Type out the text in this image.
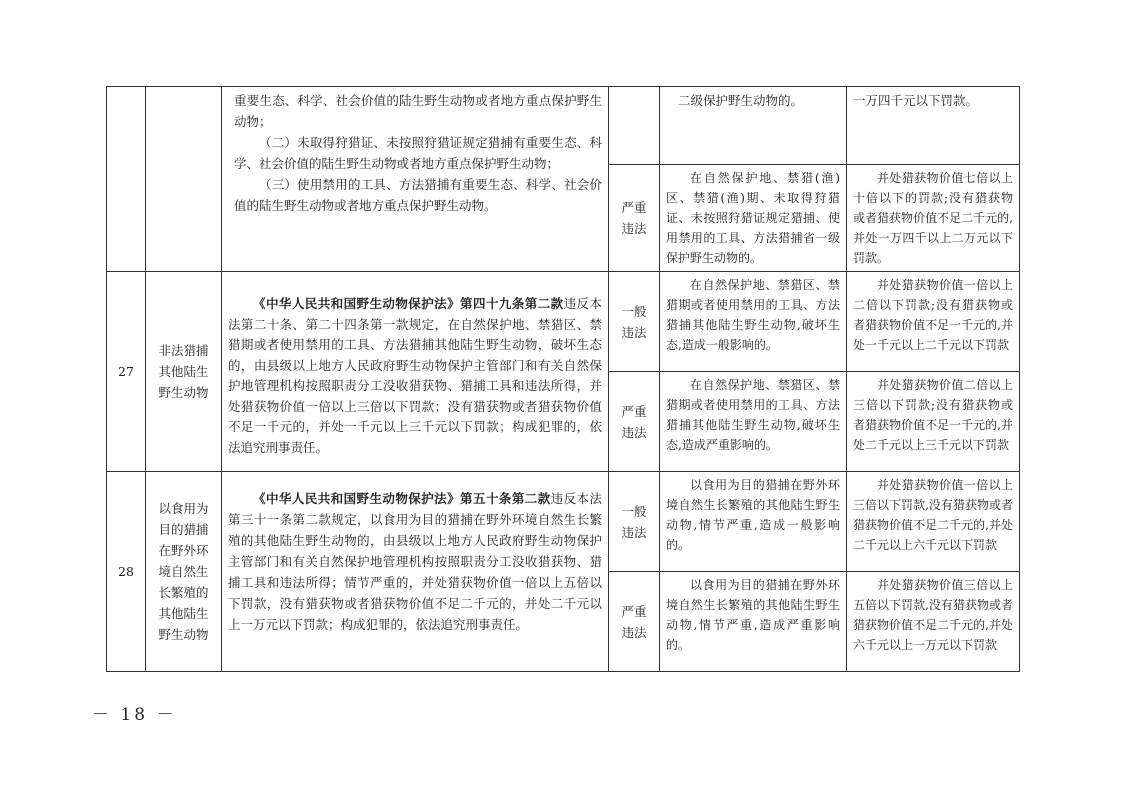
		重要生态、科学、社会价值的陆生野生动物或者地方重点保护野生动物；
（二）未取得狩猎证、未按照狩猎证规定猎捕有重要生态、科学、社会价值的陆生野生动物或者地方重点保护野生动物；
（三）使用禁用的工具、方法猎捕有重要生态、科学、社会价值的陆生野生动物或者地方重点保护野生动物。		二级保护野生动物的。	一万四千元以下罚款。
			严重违法	在自然保护地、禁猎(渔)区、禁猎(渔)期、未取得狩猎证、未按照狩猎证规定猎捕、使用禁用的工具、方法猎捕省一级保护野生动物的。	并处猎获物价值七倍以上十倍以下的罚款;没有猎获物或者猎获物价值不足二千元的,并处一万四千以上二万元以下罚款。
27	非法猎捕其他陆生野生动物	《中华人民共和国野生动物保护法》第四十九条第二款违反本法第二十条、第二十四条第一款规定，在自然保护地、禁猎区、禁猎期或者使用禁用的工具、方法猎捕其他陆生野生动物，破坏生态的，由县级以上地方人民政府野生动物保护主管部门和有关自然保护地管理机构按照职责分工没收猎获物、猎捕工具和违法所得，并处猎获物价值一倍以上三倍以下罚款；没有猎获物或者猎获物价值不足一千元的，并处一千元以上三千元以下罚款；构成犯罪的，依法追究刑事责任。	一般违法	在自然保护地、禁猎区、禁猎期或者使用禁用的工具、方法猎捕其他陆生野生动物,破坏生态,造成一般影响的。	并处猎获物价值一倍以上二倍以下罚款;没有猎获物或者猎获物价值不足一千元的,并处一千元以上二千元以下罚款
			严重违法	在自然保护地、禁猎区、禁猎期或者使用禁用的工具、方法猎捕其他陆生野生动物,破坏生态,造成严重影响的。	并处猎获物价值二倍以上三倍以下罚款;没有猎获物或者猎获物价值不足一千元的,并处二千元以上三千元以下罚款
28	以食用为目的猎捕在野外环境自然生长繁殖的其他陆生野生动物	《中华人民共和国野生动物保护法》第五十条第二款违反本法第三十一条第二款规定，以食用为目的猎捕在野外环境自然生长繁殖的其他陆生野生动物的，由县级以上地方人民政府野生动物保护主管部门和有关自然保护地管理机构按照职责分工没收猎获物、猎捕工具和违法所得；情节严重的，并处猎获物价值一倍以上五倍以下罚款，没有猎获物或者猎获物价值不足二千元的，并处二千元以上一万元以下罚款；构成犯罪的，依法追究刑事责任。	一般违法	以食用为目的猎捕在野外环境自然生长繁殖的其他陆生野生动物,情节严重,造成一般影响的。	并处猎获物价值一倍以上三倍以下罚款,没有猎获物或者猎获物价值不足二千元的,并处二千元以上六千元以下罚款
			严重违法	以食用为目的猎捕在野外环境自然生长繁殖的其他陆生野生动物,情节严重,造成严重影响的。	并处猎获物价值三倍以上五倍以下罚款,没有猎获物或者猎获物价值不足二千元的,并处六千元以上一万元以下罚款
－ 18 －
